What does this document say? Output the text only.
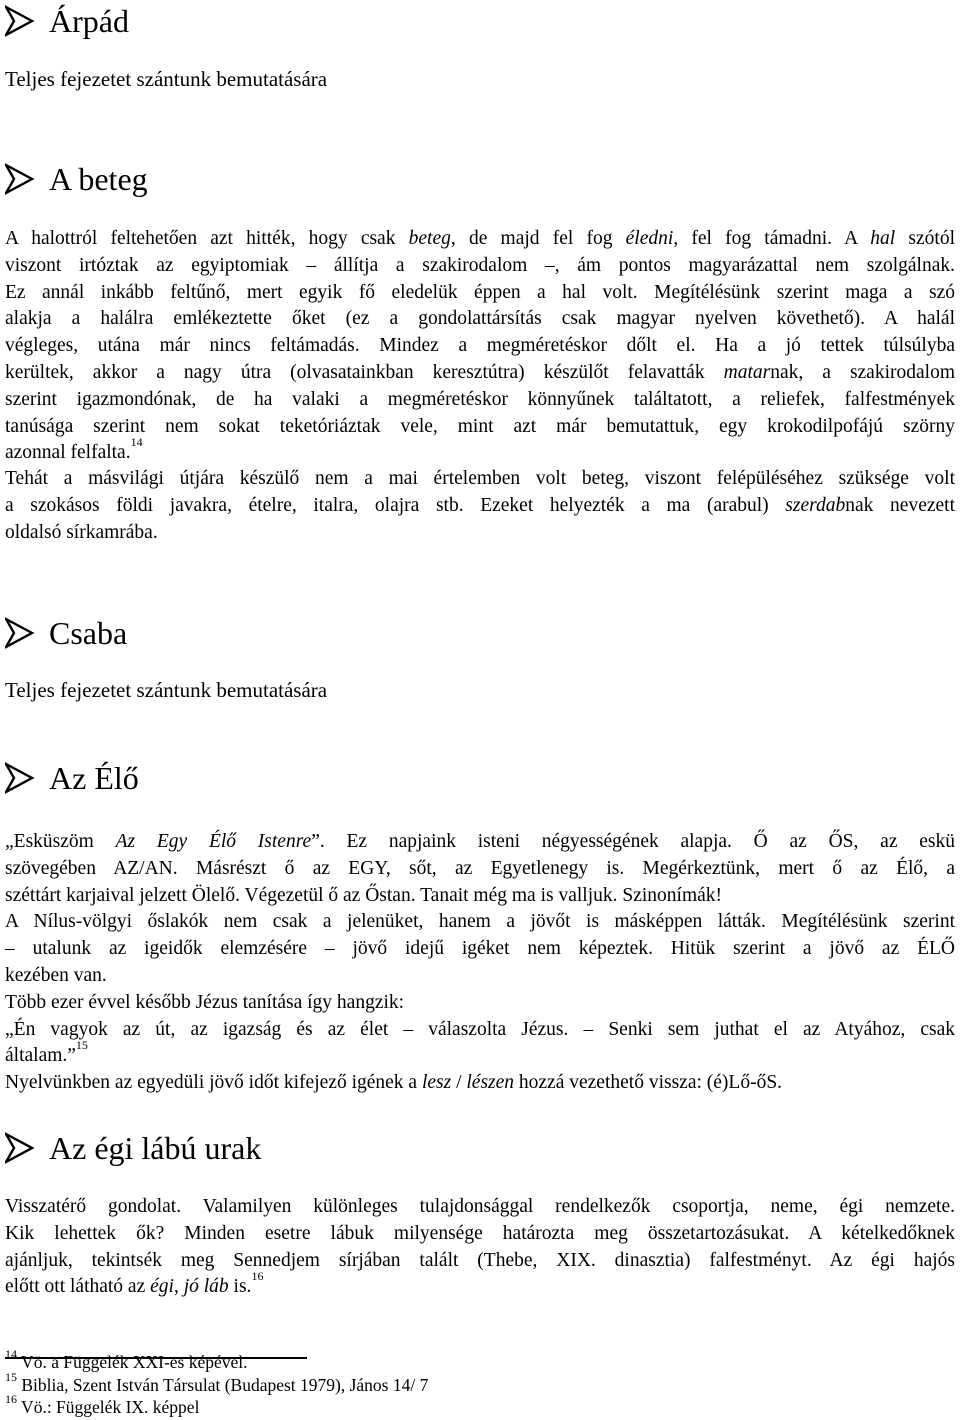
Árpád
Teljes fejezetet szántunk bemutatására
A beteg
A halottról feltehetően azt hitték, hogy csak beteg, de majd fel fog éledni, fel fog támadni. A hal szótól
viszont irtóztak az egyiptomiak – állítja a szakirodalom –, ám pontos magyarázattal nem szolgálnak.
Ez annál inkább feltűnő, mert egyik fő eledelük éppen a hal volt. Megítélésünk szerint maga a szó
alakja a halálra emlékeztette őket (ez a gondolattársítás csak magyar nyelven követhető). A halál
végleges, utána már nincs feltámadás. Mindez a megméretéskor dőlt el. Ha a jó tettek túlsúlyba
kerültek, akkor a nagy útra (olvasatainkban keresztútra) készülőt felavatták matarnak, a szakirodalom
szerint igazmondónak, de ha valaki a megméretéskor könnyűnek találtatott, a reliefek, falfestmények
tanúsága szerint nem sokat teketóriáztak vele, mint azt már bemutattuk, egy krokodilpofájú szörny
azonnal felfalta.$^{14}$
Tehát a másvilági útjára készülő nem a mai értelemben volt beteg, viszont felépüléséhez szüksége volt
a szokásos földi javakra, ételre, italra, olajra stb. Ezeket helyezték a ma (arabul) szerdabnak nevezett
oldalsó sírkamrába.
Csaba
Teljes fejezetet szántunk bemutatására
Az Élő
„Esküszöm Az Egy Élő Istenre”. Ez napjaink isteni négyességének alapja. Ő az ŐS, az eskü
szövegében AZ/AN. Másrészt ő az EGY, sőt, az Egyetlenegy is. Megérkeztünk, mert ő az Élő, a
széttárt karjaival jelzett Ölelő. Végezetül ő az Őstan. Tanait még ma is valljuk. Szinonímák!
A Nílus-völgyi őslakók nem csak a jelenüket, hanem a jövőt is másképpen látták. Megítélésünk szerint
– utalunk az igeidők elemzésére – jövő idejű igéket nem képeztek. Hitük szerint a jövő az ÉLŐ
kezében van.
Több ezer évvel később Jézus tanítása így hangzik:
„Én vagyok az út, az igazság és az élet – válaszolta Jézus. – Senki sem juthat el az Atyához, csak
általam.”$^{15}$
Nyelvünkben az egyedüli jövő időt kifejező igének a lesz / lészen hozzá vezethető vissza: (é)Lő-őS.
Az égi lábú urak
Visszatérő gondolat. Valamilyen különleges tulajdonsággal rendelkezők csoportja, neme, égi nemzete.
Kik lehettek ők? Minden esetre lábuk milyensége határozta meg összetartozásukat. A kételkedőknek
ajánljuk, tekintsék meg Sennedjem sírjában talált (Thebe, XIX. dinasztia) falfestményt. Az égi hajós
előtt ott látható az égi, jó láb is.$^{16}$
$^{14}$ Vö. a Függelék XXI-es képével.
$^{15}$ Biblia, Szent István Társulat (Budapest 1979), János 14/ 7
$^{16}$ Vö.: Függelék IX. képpel
